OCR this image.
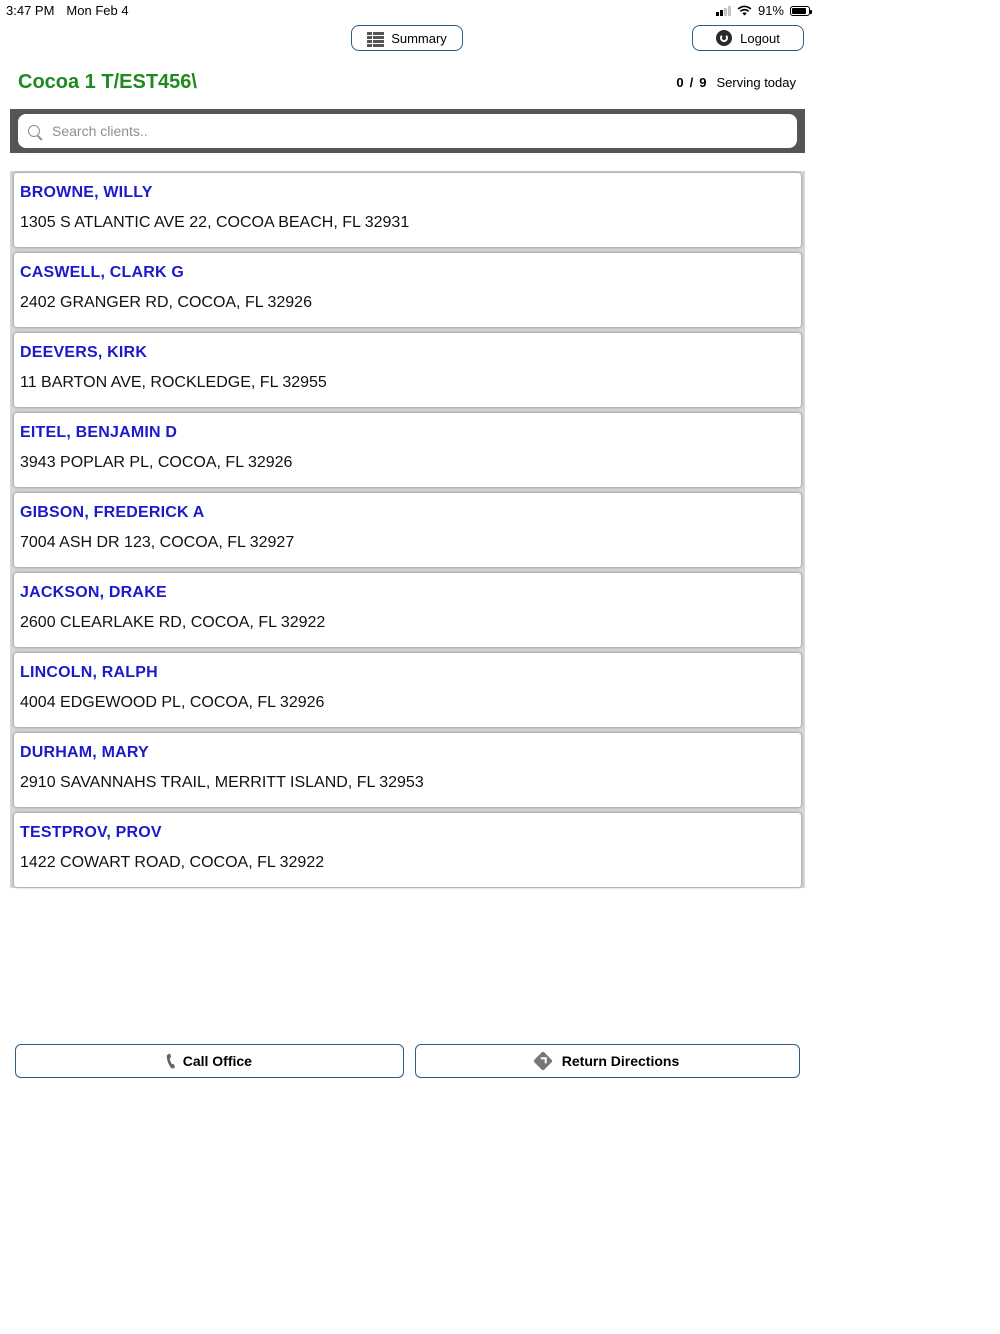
3:47 PM Mon Feb 4	91%
Summary	Logout
Cocoa 1 T/EST456\	0 / 9 Serving today
Search clients..
BROWNE, WILLY
1305 S ATLANTIC AVE 22, COCOA BEACH, FL 32931
CASWELL, CLARK G
2402 GRANGER RD, COCOA, FL 32926
DEEVERS, KIRK
11 BARTON AVE, ROCKLEDGE, FL 32955
EITEL, BENJAMIN D
3943 POPLAR PL, COCOA, FL 32926
GIBSON, FREDERICK A
7004 ASH DR 123, COCOA, FL 32927
JACKSON, DRAKE
2600 CLEARLAKE RD, COCOA, FL 32922
LINCOLN, RALPH
4004 EDGEWOOD PL, COCOA, FL 32926
DURHAM, MARY
2910 SAVANNAHS TRAIL, MERRITT ISLAND, FL 32953
TESTPROV, PROV
1422 COWART ROAD, COCOA, FL 32922
📞︎ Call Office	Return Directions
